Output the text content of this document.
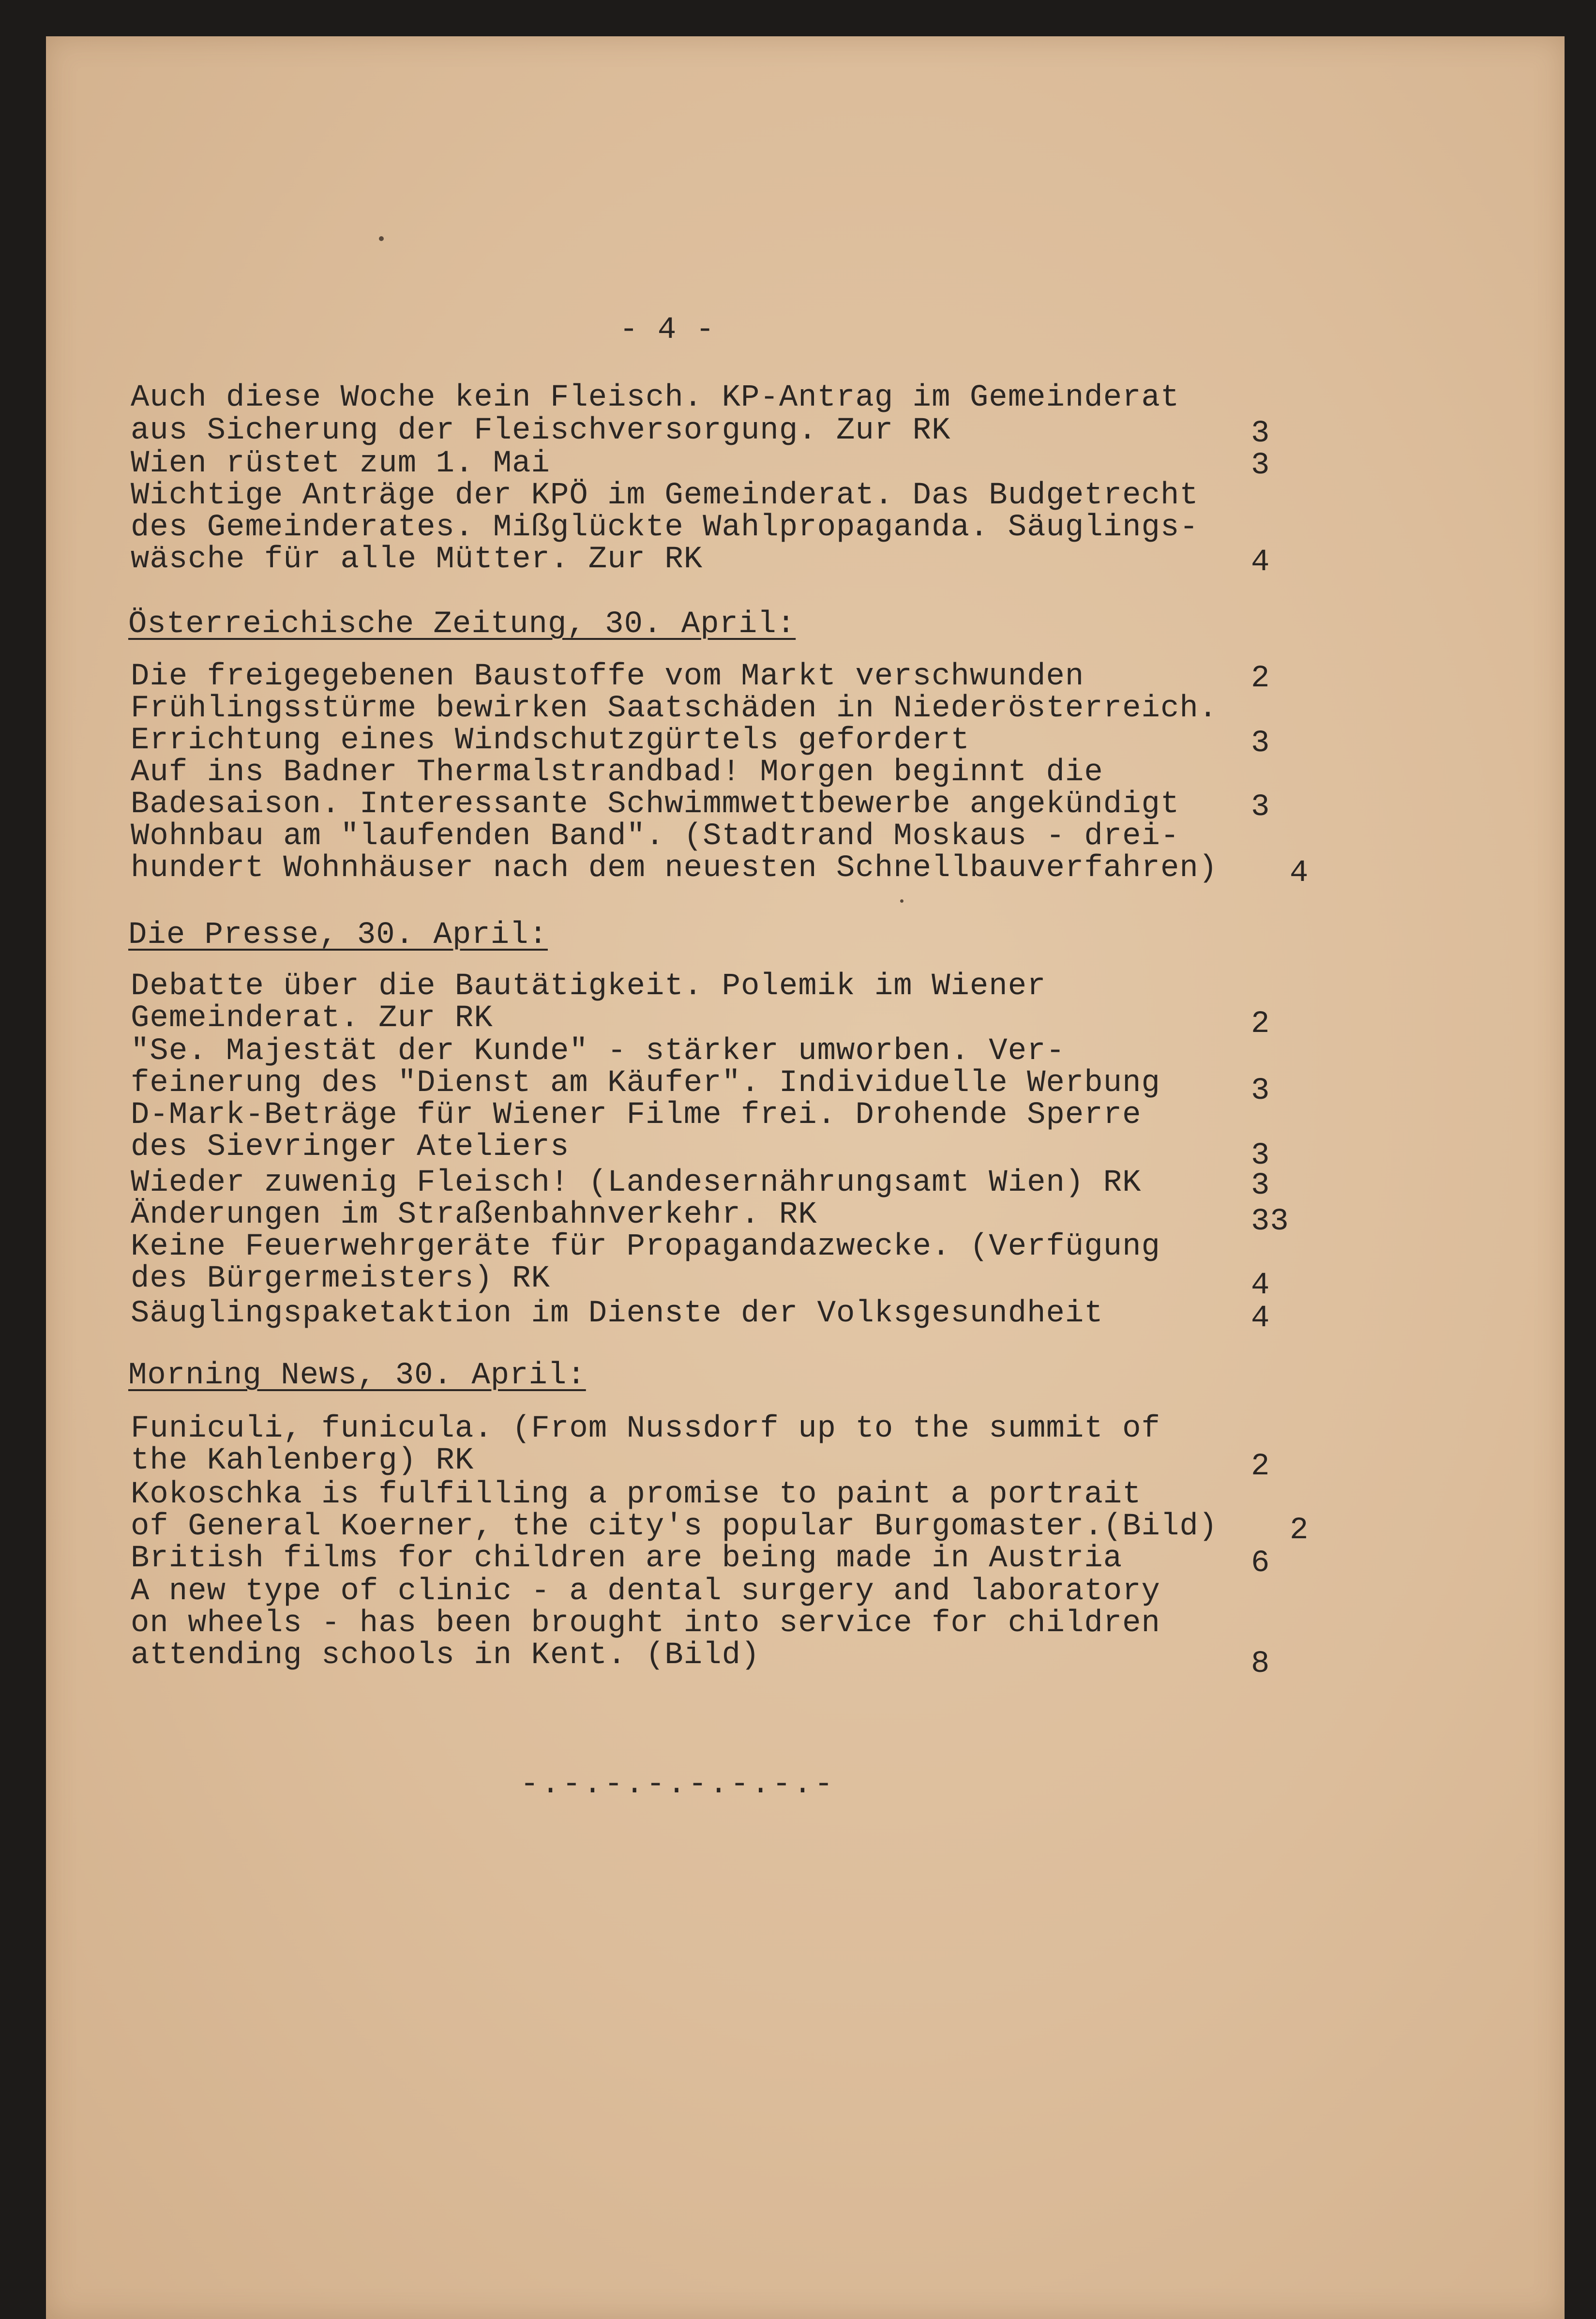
- 4 -
Auch diese Woche kein Fleisch. KP-Antrag im Gemeinderat
aus Sicherung der Fleischversorgung. Zur RK	3
Wien rüstet zum 1. Mai	3
Wichtige Anträge der KPÖ im Gemeinderat. Das Budgetrecht
des Gemeinderates. Mißglückte Wahlpropaganda. Säuglings-
wäsche für alle Mütter. Zur RK	4
Österreichische Zeitung, 30. April:
Die freigegebenen Baustoffe vom Markt verschwunden	2
Frühlingsstürme bewirken Saatschäden in Niederösterreich.
Errichtung eines Windschutzgürtels gefordert	3
Auf ins Badner Thermalstrandbad! Morgen beginnt die
Badesaison. Interessante Schwimmwettbewerbe angekündigt 3
Wohnbau am "laufenden Band". (Stadtrand Moskaus - drei-
hundert Wohnhäuser nach dem neuesten Schnellbauverfahren) 4
Die Presse, 30. April:
Debatte über die Bautätigkeit. Polemik im Wiener
Gemeinderat. Zur RK	2
"Se. Majestät der Kunde" - stärker umworben. Ver-
feinerung des "Dienst am Käufer". Individuelle Werbung	3
D-Mark-Beträge für Wiener Filme frei. Drohende Sperre
des Sievringer Ateliers	3
Wieder zuwenig Fleisch! (Landesernährungsamt Wien) RK	3
Änderungen im Straßenbahnverkehr. RK	33
Keine Feuerwehrgeräte für Propagandazwecke. (Verfügung
des Bürgermeisters) RK	4
Säuglingspaketaktion im Dienste der Volksgesundheit	4
Morning News, 30. April:
Funiculi, funicula. (From Nussdorf up to the summit of
the Kahlenberg) RK	2
Kokoschka is fulfilling a promise to paint a portrait
of General Koerner, the city's popular Burgomaster.(Bild) 2
British films for children are being made in Austria	6
A new type of clinic - a dental surgery and laboratory
on wheels - has been brought into service for children
attending schools in Kent. (Bild)	8
-.-.-.-.-.-.-.-
